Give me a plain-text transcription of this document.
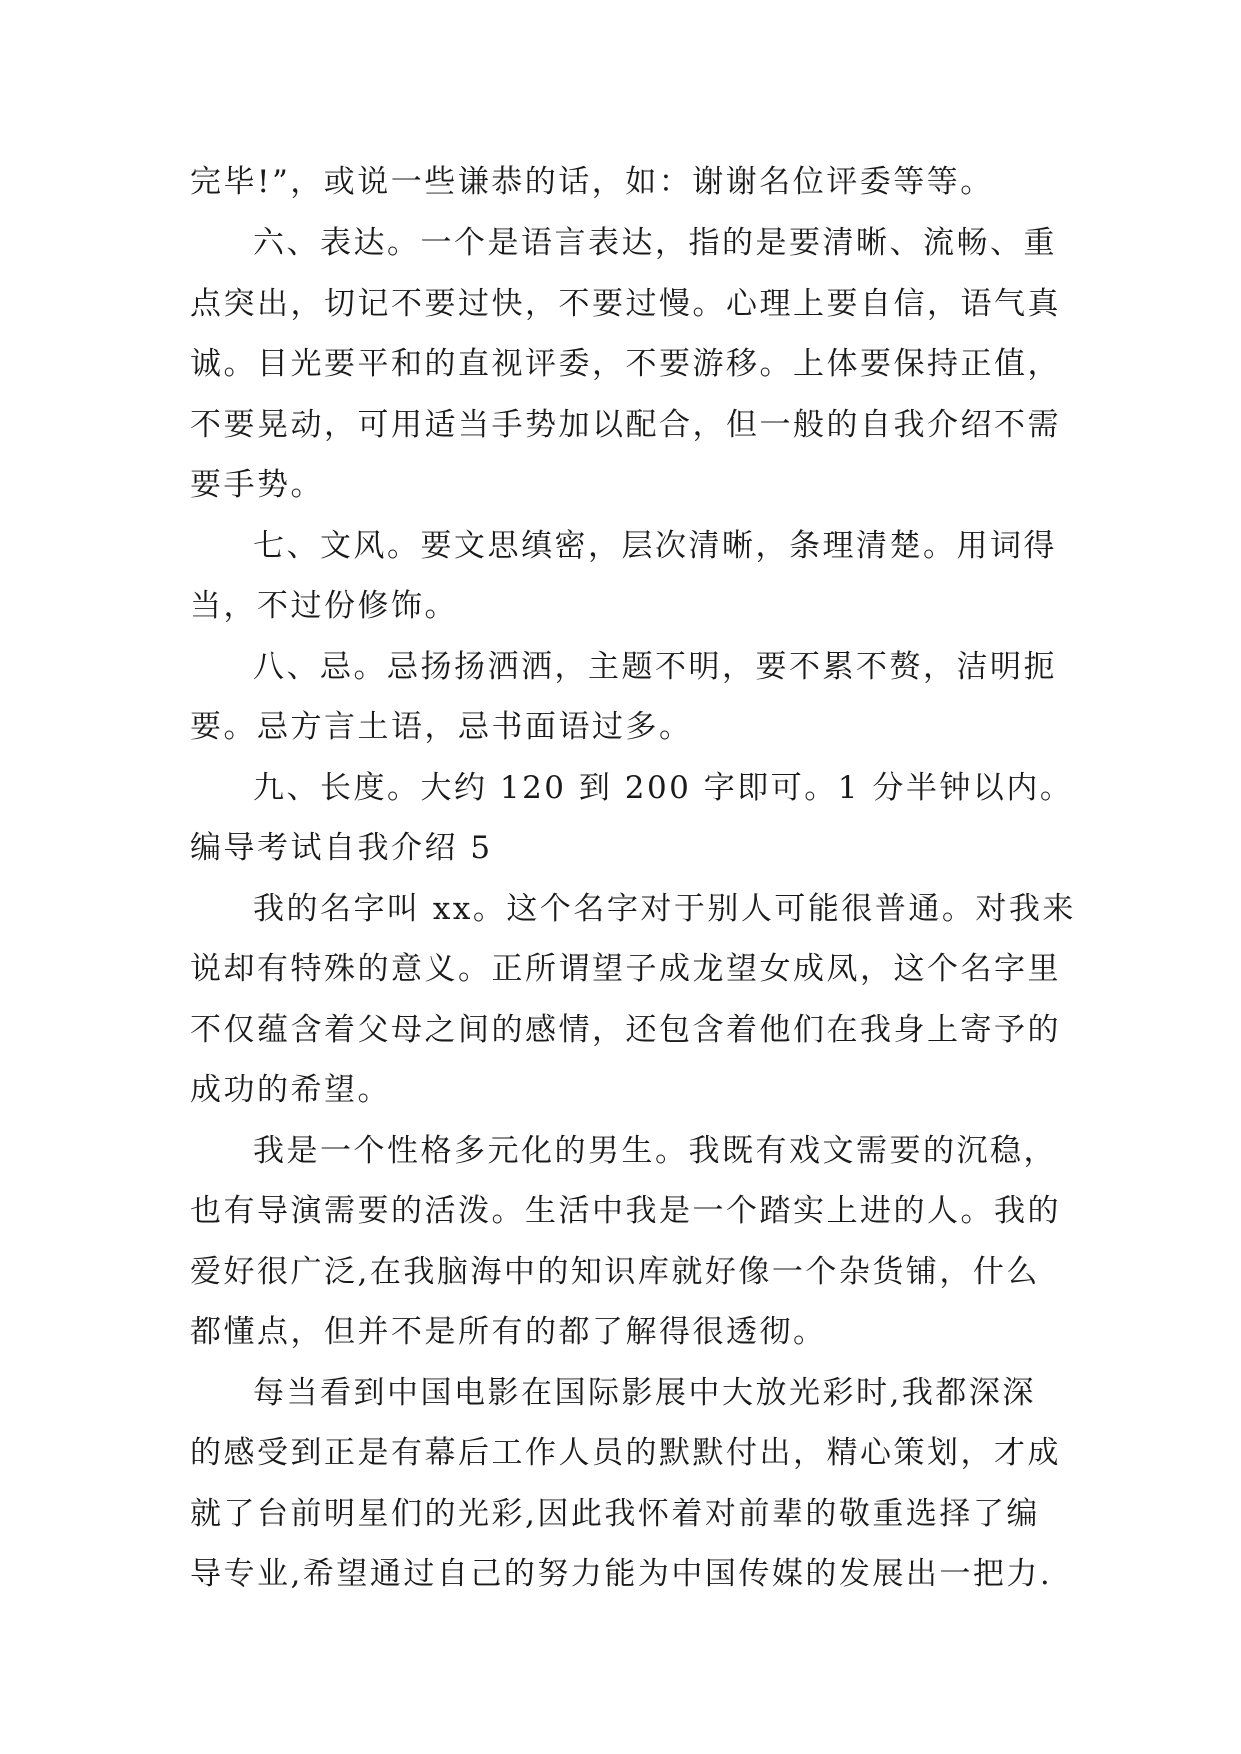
完毕!”，或说一些谦恭的话，如：谢谢名位评委等等。
六、表达。一个是语言表达，指的是要清晰、流畅、重
点突出，切记不要过快，不要过慢。心理上要自信，语气真
诚。目光要平和的直视评委，不要游移。上体要保持正值，
不要晃动，可用适当手势加以配合，但一般的自我介绍不需
要手势。
七、文风。要文思缜密，层次清晰，条理清楚。用词得
当，不过份修饰。
八、忌。忌扬扬洒洒，主题不明，要不累不赘，洁明扼
要。忌方言土语，忌书面语过多。
九、长度。大约 120 到 200 字即可。1 分半钟以内。
编导考试自我介绍 5
我的名字叫 xx。这个名字对于别人可能很普通。对我来
说却有特殊的意义。正所谓望子成龙望女成凤，这个名字里
不仅蕴含着父母之间的感情，还包含着他们在我身上寄予的
成功的希望。
我是一个性格多元化的男生。我既有戏文需要的沉稳，
也有导演需要的活泼。生活中我是一个踏实上进的人。我的
爱好很广泛,在我脑海中的知识库就好像一个杂货铺，什么
都懂点，但并不是所有的都了解得很透彻。
每当看到中国电影在国际影展中大放光彩时,我都深深
的感受到正是有幕后工作人员的默默付出，精心策划，才成
就了台前明星们的光彩,因此我怀着对前辈的敬重选择了编
导专业,希望通过自己的努力能为中国传媒的发展出一把力.
